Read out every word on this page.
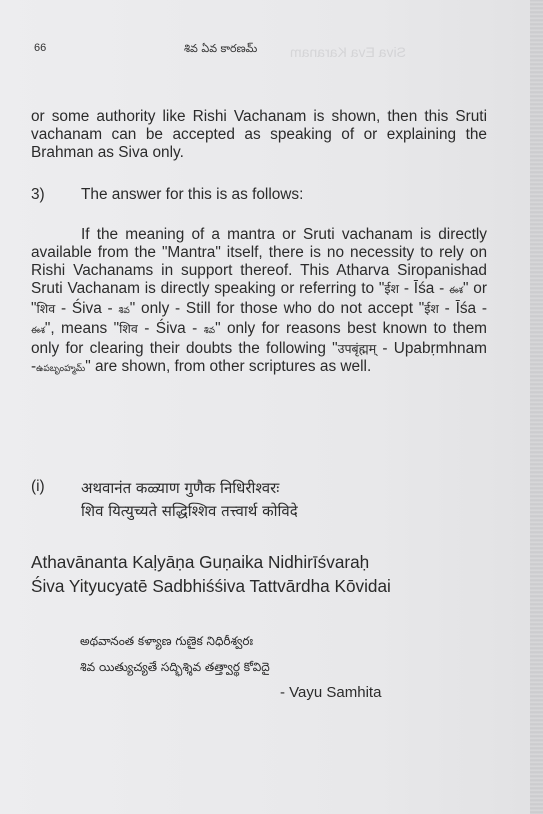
Siva Eva Karanam
66	శివ ఏవ కారణమ్
or some authority like Rishi Vachanam is shown, then this Sruti vachanam can be accepted as speaking of or explaining the Brahman as Siva only.
3) The answer for this is as follows:
If the meaning of a mantra or Sruti vachanam is directly available from the "Mantra" itself, there is no necessity to rely on Rishi Vachanams in support thereof. This Atharva Siropanishad Sruti Vachanam is directly speaking or referring to "ईश - Īśa - ఈశ" or "शिव - Śiva - శివ" only - Still for those who do not accept "ईश - Īśa - ఈశ", means "शिव - Śiva - శివ" only for reasons best known to them only for clearing their doubts the following "उपबृंह्मम् - Upabṛmhnam -ఉపబృంహ్మమ్" are shown, from other scriptures as well.
(i) अथवानंत कळ्याण गुणैक निधिरीश्वरः
शिव यित्युच्यते सद्धिश्शिव तत्त्वार्थ कोविदे
Athavānanta Kaḷyāṇa Guṇaika Nidhirīśvaraḥ
Śiva Yityucyatē Sadbhiśśiva Tattvārdha Kōvidai
అథవానంత కళ్యాణ గుణైక నిధిరీశ్వరః
శివ యిత్యుచ్యతే సద్భిశ్శివ తత్త్వార్థ కోవిదై
- Vayu Samhita
